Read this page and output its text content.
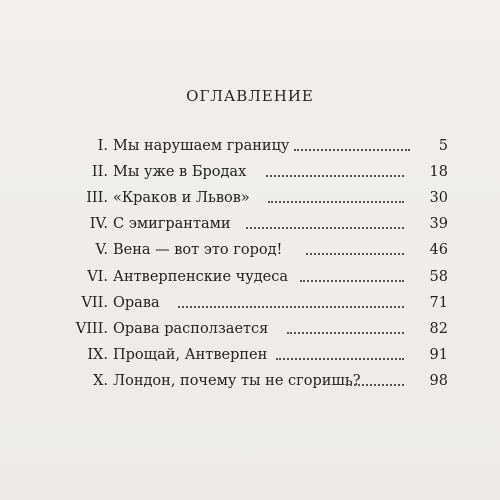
ОГЛАВЛЕНИЕ
I. Мы нарушаем границу	5
II. Мы уже в Бродах	18
III. «Краков и Львов»	30
IV. С эмигрантами	39
V. Вена — вот это город!	46
VI. Антверпенские чудеса	58
VII. Орава	71
VIII. Орава расползается	82
IX. Прощай, Антверпен	91
X. Лондон, почему ты не сгоришь?	98
